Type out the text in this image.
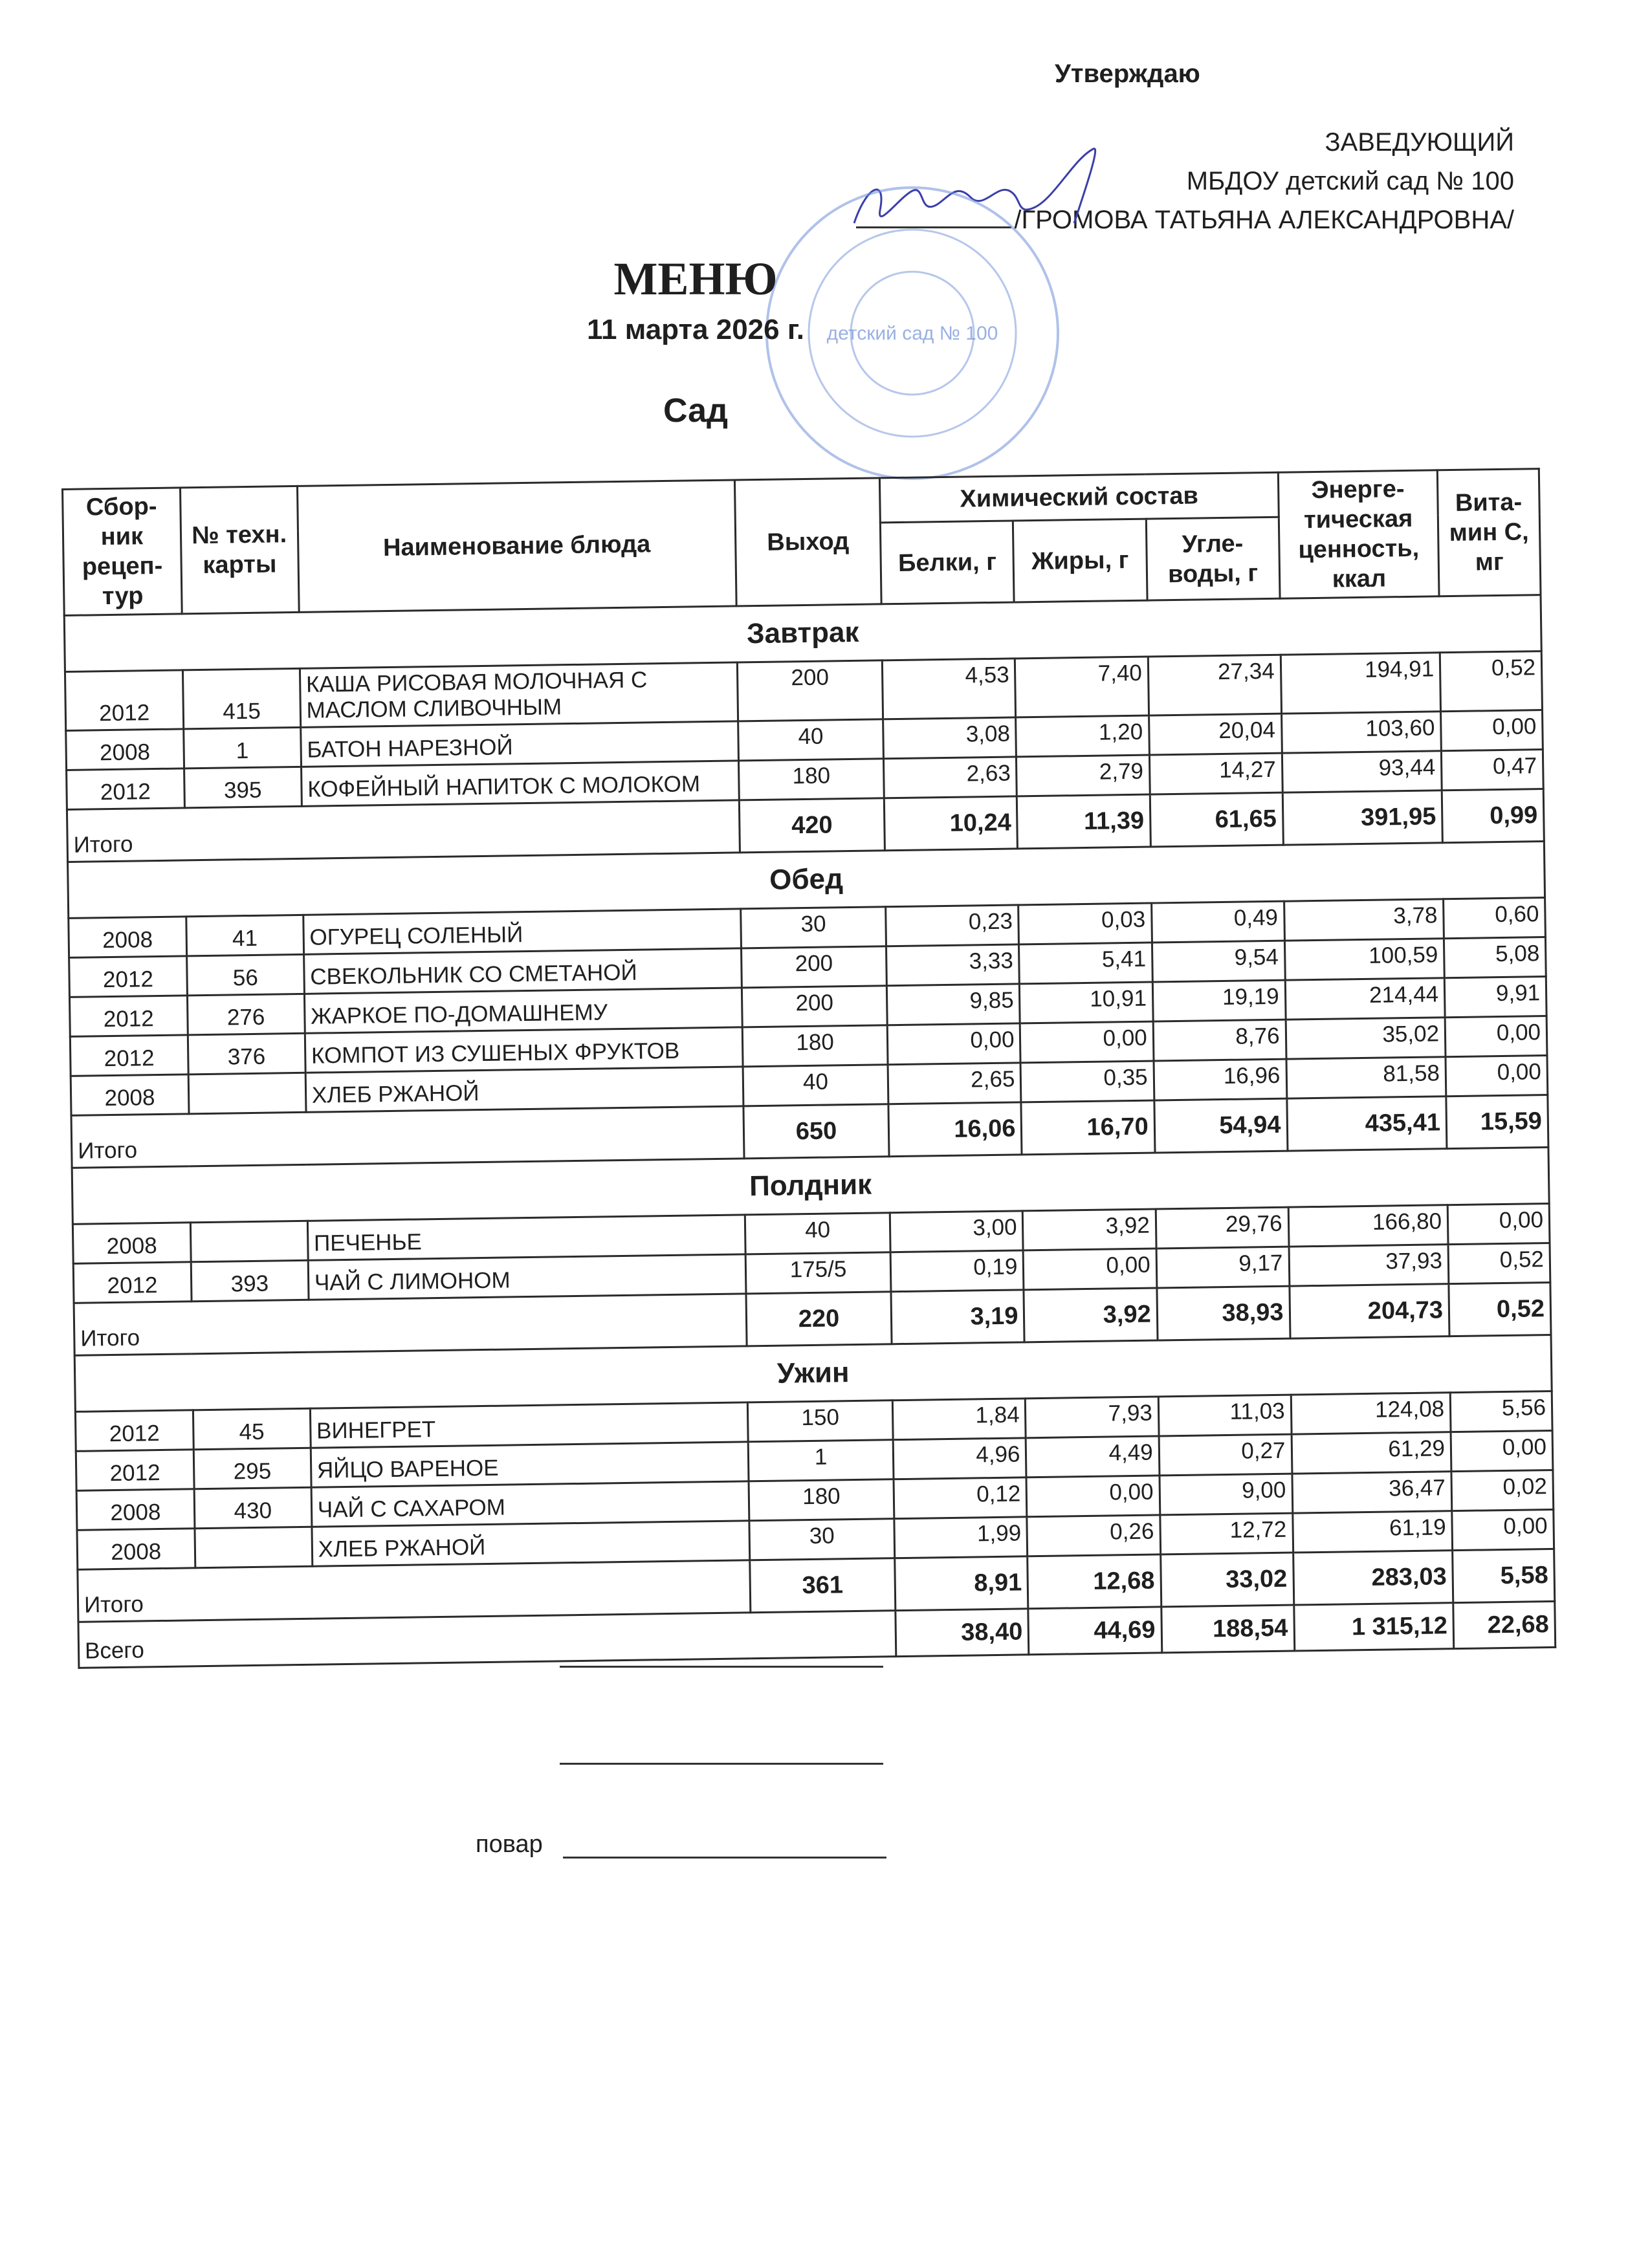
Утверждаю
ЗАВЕДУЮЩИЙ
МБДОУ детский сад № 100
/ГРОМОВА ТАТЬЯНА АЛЕКСАНДРОВНА/
детский сад № 100
МЕНЮ
11 марта 2026 г.
Сад
Сбор-ник рецеп-тур	№ техн. карты	Наименование блюда	Выход	Химический состав			Энерге-тическая ценность, ккал	Вита-мин С, мг
				Белки, г	Жиры, г	Угле-воды, г		
Завтрак								
2012	415	КАША РИСОВАЯ МОЛОЧНАЯ С МАСЛОМ СЛИВОЧНЫМ	200	4,53	7,40	27,34	194,91	0,52
2008	1	БАТОН НАРЕЗНОЙ	40	3,08	1,20	20,04	103,60	0,00
2012	395	КОФЕЙНЫЙ НАПИТОК С МОЛОКОМ	180	2,63	2,79	14,27	93,44	0,47
Итого			420	10,24	11,39	61,65	391,95	0,99
Обед								
2008	41	ОГУРЕЦ СОЛЕНЫЙ	30	0,23	0,03	0,49	3,78	0,60
2012	56	СВЕКОЛЬНИК СО СМЕТАНОЙ	200	3,33	5,41	9,54	100,59	5,08
2012	276	ЖАРКОЕ ПО-ДОМАШНЕМУ	200	9,85	10,91	19,19	214,44	9,91
2012	376	КОМПОТ ИЗ СУШЕНЫХ ФРУКТОВ	180	0,00	0,00	8,76	35,02	0,00
2008		ХЛЕБ РЖАНОЙ	40	2,65	0,35	16,96	81,58	0,00
Итого			650	16,06	16,70	54,94	435,41	15,59
Полдник								
2008		ПЕЧЕНЬЕ	40	3,00	3,92	29,76	166,80	0,00
2012	393	ЧАЙ С ЛИМОНОМ	175/5	0,19	0,00	9,17	37,93	0,52
Итого			220	3,19	3,92	38,93	204,73	0,52
Ужин								
2012	45	ВИНЕГРЕТ	150	1,84	7,93	11,03	124,08	5,56
2012	295	ЯЙЦО ВАРЕНОЕ	1	4,96	4,49	0,27	61,29	0,00
2008	430	ЧАЙ С САХАРОМ	180	0,12	0,00	9,00	36,47	0,02
2008		ХЛЕБ РЖАНОЙ	30	1,99	0,26	12,72	61,19	0,00
Итого			361	8,91	12,68	33,02	283,03	5,58
Всего				38,40	44,69	188,54	1 315,12	22,68
повар
